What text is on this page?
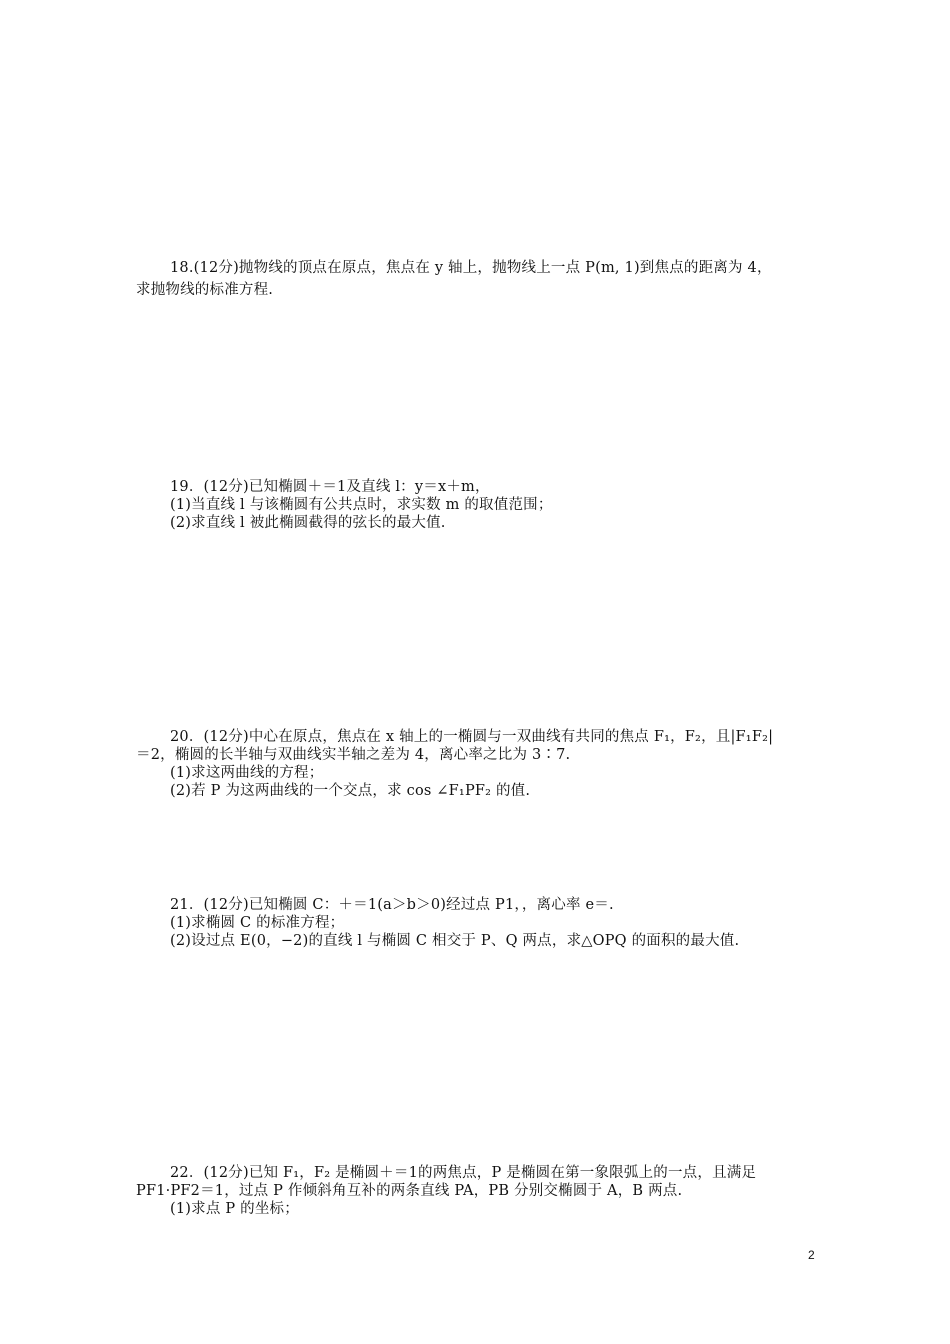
18.(12分)抛物线的顶点在原点，焦点在 y 轴上，抛物线上一点 P(m, 1)到焦点的距离为 4，
求抛物线的标准方程.
19．(12分)已知椭圆＋＝1及直线 l：y＝x＋m，
(1)当直线 l 与该椭圆有公共点时，求实数 m 的取值范围；
(2)求直线 l 被此椭圆截得的弦长的最大值.
20．(12分)中心在原点，焦点在 x 轴上的一椭圆与一双曲线有共同的焦点 F₁，F₂，且|F₁F₂|
＝2，椭圆的长半轴与双曲线实半轴之差为 4，离心率之比为 3∶7.
(1)求这两曲线的方程；
(2)若 P 为这两曲线的一个交点，求 cos ∠F₁PF₂ 的值.
21．(12分)已知椭圆 C：＋＝1(a＞b＞0)经过点 P1，，离心率 e＝.
(1)求椭圆 C 的标准方程；
(2)设过点 E(0，−2)的直线 l 与椭圆 C 相交于 P、Q 两点，求△OPQ 的面积的最大值.
22．(12分)已知 F₁，F₂ 是椭圆＋＝1的两焦点，P 是椭圆在第一象限弧上的一点，且满足
PF1·PF2＝1，过点 P 作倾斜角互补的两条直线 PA，PB 分别交椭圆于 A，B 两点.
(1)求点 P 的坐标；
2
